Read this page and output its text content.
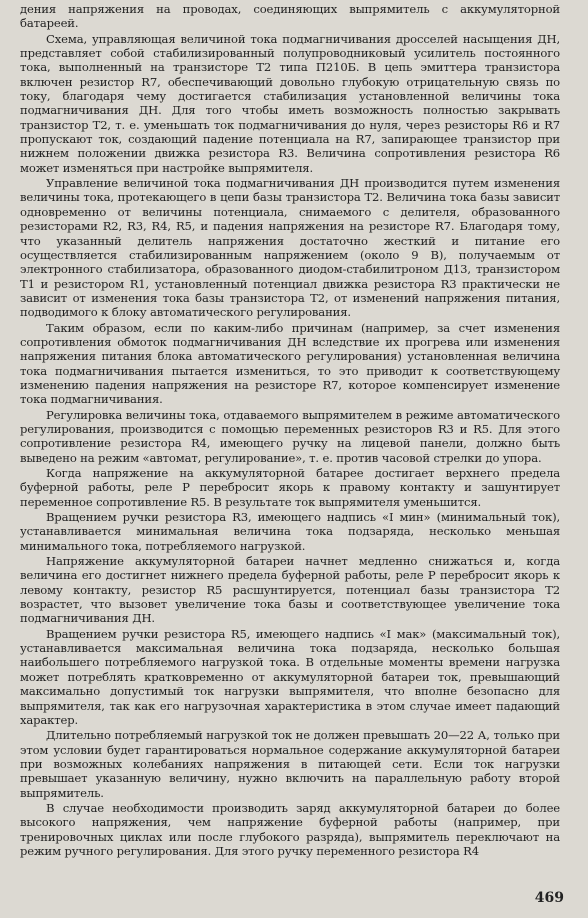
дения напряжения на проводах, соединяющих выпрямитель с аккумуляторной батареей.

Схема, управляющая величиной тока подмагничивания дросселей насыщения ДН, представляет собой стабилизированный полупроводниковый усилитель постоянного тока, выполненный на транзисторе Т2 типа П210Б. В цепь эмиттера транзистора включен резистор R7, обеспечивающий довольно глубокую отрицательную связь по току, благодаря чему достигается стабилизация установленной величины тока подмагничивания ДН. Для того чтобы иметь возможность полностью закрывать транзистор Т2, т. е. уменьшать ток подмагничивания до нуля, через резисторы R6 и R7 пропускают ток, создающий падение потенциала на R7, запирающее транзистор при нижнем положении движка резистора R3. Величина сопротивления резистора R6 может изменяться при настройке выпрямителя.

Управление величиной тока подмагничивания ДН производится путем изменения величины тока, протекающего в цепи базы транзистора Т2. Величина тока базы зависит одновременно от величины потенциала, снимаемого с делителя, образованного резисторами R2, R3, R4, R5, и падения напряжения на резисторе R7. Благодаря тому, что указанный делитель напряжения достаточно жесткий и питание его осуществляется стабилизированным напряжением (около 9 В), получаемым от электронного стабилизатора, образованного диодом-стабилитроном Д13, транзистором Т1 и резистором R1, установленный потенциал движка резистора R3 практически не зависит от изменения тока базы транзистора Т2, от изменений напряжения питания, подводимого к блоку автоматического регулирования.

Таким образом, если по каким-либо причинам (например, за счет изменения сопротивления обмоток подмагничивания ДН вследствие их прогрева или изменения напряжения питания блока автоматического регулирования) установленная величина тока подмагничивания пытается измениться, то это приводит к соответствующему изменению падения напряжения на резисторе R7, которое компенсирует изменение тока подмагничивания.

Регулировка величины тока, отдаваемого выпрямителем в режиме автоматического регулирования, производится с помощью переменных резисторов R3 и R5. Для этого сопротивление резистора R4, имеющего ручку на лицевой панели, должно быть выведено на режим «автомат, регулирование», т. е. против часовой стрелки до упора.

Когда напряжение на аккумуляторной батарее достигает верхнего предела буферной работы, реле Р перебросит якорь к правому контакту и зашунтирует переменное сопротивление R5. В результате ток выпрямителя уменьшится.

Вращением ручки резистора R3, имеющего надпись «I мин» (минимальный ток), устанавливается минимальная величина тока подзаряда, несколько меньшая минимального тока, потребляемого нагрузкой.

Напряжение аккумуляторной батареи начнет медленно снижаться и, когда величина его достигнет нижнего предела буферной работы, реле Р перебросит якорь к левому контакту, резистор R5 расшунтируется, потенциал базы транзистора Т2 возрастет, что вызовет увеличение тока базы и соответствующее увеличение тока подмагничивания ДН.

Вращением ручки резистора R5, имеющего надпись «I мак» (максимальный ток), устанавливается максимальная величина тока подзаряда, несколько большая наибольшего потребляемого нагрузкой тока. В отдельные моменты времени нагрузка может потреблять кратковременно от аккумуляторной батареи ток, превышающий максимально допустимый ток нагрузки выпрямителя, что вполне безопасно для выпрямителя, так как его нагрузочная характеристика в этом случае имеет падающий характер.

Длительно потребляемый нагрузкой ток не должен превышать 20—22 А, только при этом условии будет гарантироваться нормальное содержание аккумуляторной батареи при возможных колебаниях напряжения в питающей сети. Если ток нагрузки превышает указанную величину, нужно включить на параллельную работу второй выпрямитель.

В случае необходимости производить заряд аккумуляторной батареи до более высокого напряжения, чем напряжение буферной работы (например, при тренировочных циклах или после глубокого разряда), выпрямитель переключают на режим ручного регулирования. Для этого ручку переменного резистора R4

469
